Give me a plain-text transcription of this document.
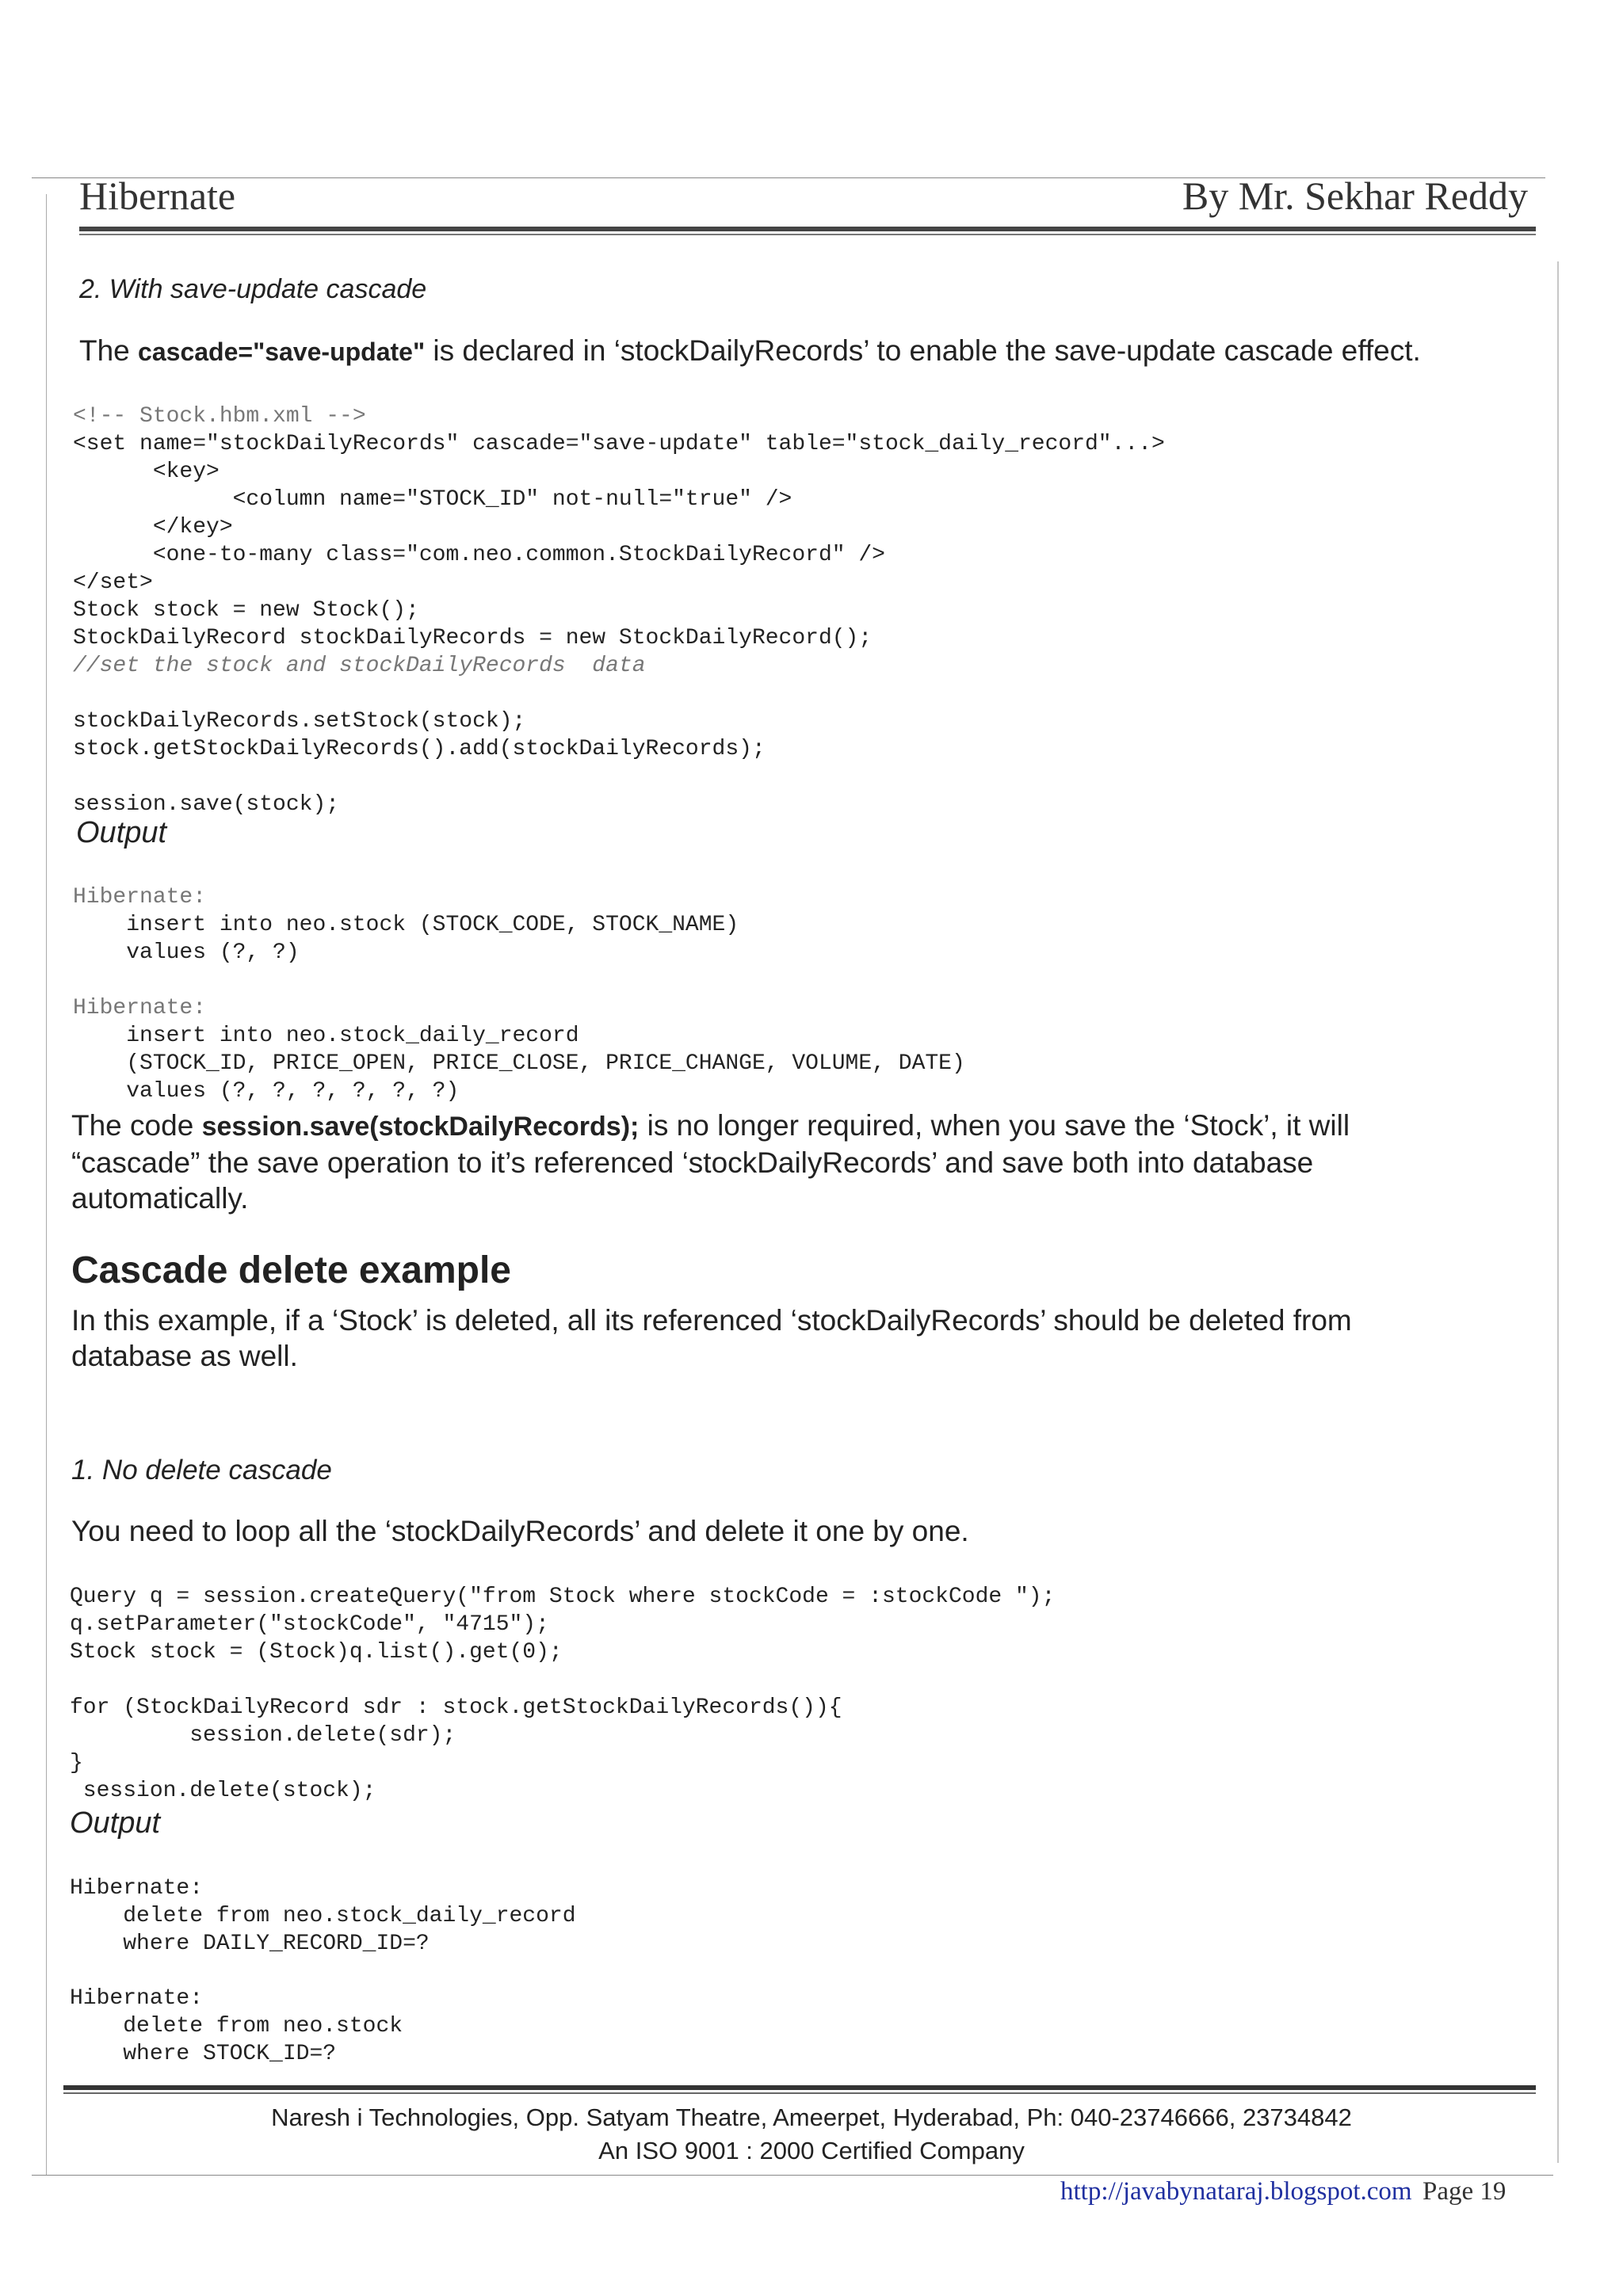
Hibernate	By Mr. Sekhar Reddy
2. With save-update cascade
The cascade="save-update" is declared in ‘stockDailyRecords’ to enable the save-update cascade effect.
<!-- Stock.hbm.xml -->
<set name="stockDailyRecords" cascade="save-update" table="stock_daily_record"...>
<key>
<column name="STOCK_ID" not-null="true" />
</key>
<one-to-many class="com.neo.common.StockDailyRecord" />
</set>
Stock stock = new Stock();
StockDailyRecord stockDailyRecords = new StockDailyRecord();
//set the stock and stockDailyRecords  data

stockDailyRecords.setStock(stock);
stock.getStockDailyRecords().add(stockDailyRecords);

session.save(stock);
Output
Hibernate:
insert into neo.stock (STOCK_CODE, STOCK_NAME)
values (?, ?)
Hibernate:
insert into neo.stock_daily_record
(STOCK_ID, PRICE_OPEN, PRICE_CLOSE, PRICE_CHANGE, VOLUME, DATE)
values (?, ?, ?, ?, ?, ?)
The code session.save(stockDailyRecords); is no longer required, when you save the ‘Stock’, it will
“cascade” the save operation to it’s referenced ‘stockDailyRecords’ and save both into database
automatically.
Cascade delete example
In this example, if a ‘Stock’ is deleted, all its referenced ‘stockDailyRecords’ should be deleted from
database as well.
1. No delete cascade
You need to loop all the ‘stockDailyRecords’ and delete it one by one.
Query q = session.createQuery("from Stock where stockCode = :stockCode ");
q.setParameter("stockCode", "4715");
Stock stock = (Stock)q.list().get(0);

for (StockDailyRecord sdr : stock.getStockDailyRecords()){
session.delete(sdr);
}
session.delete(stock);
Output
Hibernate:
delete from neo.stock_daily_record
where DAILY_RECORD_ID=?
Hibernate:
delete from neo.stock
where STOCK_ID=?
Naresh i Technologies, Opp. Satyam Theatre, Ameerpet, Hyderabad, Ph: 040-23746666, 23734842
An ISO 9001 : 2000 Certified Company
http://javabynataraj.blogspot.com Page 19
